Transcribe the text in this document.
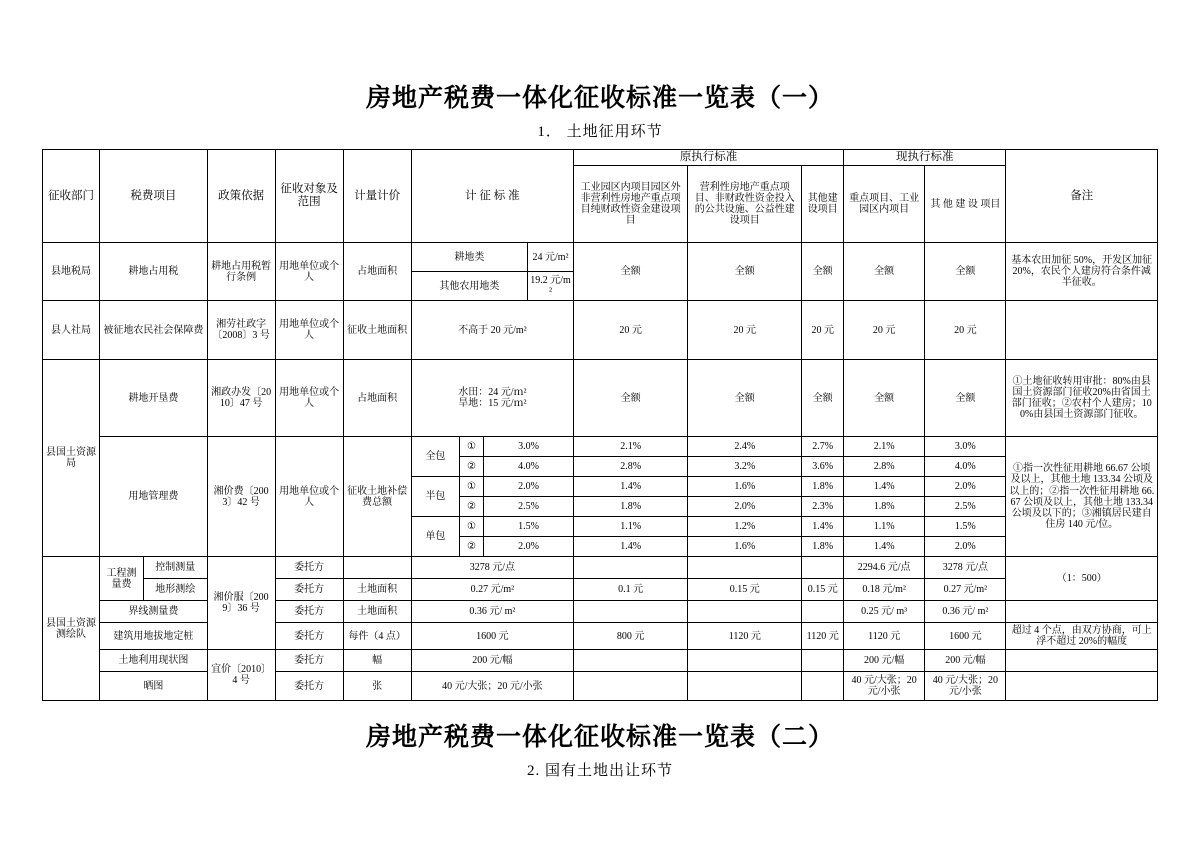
房地产税费一体化征收标准一览表（一）
1． 土地征用环节
征收部门	税费项目		政策依据	征收对象及范围	计量计价	计 征 标 准				原执行标准			现执行标准		备注
										工业园区内项目园区外非营利性房地产重点项目纯财政性资金建设项目	营利性房地产重点项目、非财政性资金投入的公共设施、公益性建设项目	其他建设项目	重点项目、工业园区内项目	其 他 建 设 项目	
县地税局	耕地占用税		耕地占用税暂行条例	用地单位或个人	占地面积	耕地类			24 元/m²	全额	全额	全额	全额	全额	基本农田加征 50%，开发区加征 20%，农民个人建房符合条件减半征收。
						其他农用地类			19.2 元/m²						
县人社局	被征地农民社会保障费		湘劳社政字〔2008〕3 号	用地单位或个人	征收土地面积	不高于 20 元/m²				20 元	20 元	20 元	20 元	20 元	
县国土资源局	耕地开垦费		湘政办发〔2010〕47 号	用地单位或个人	占地面积	水田：24 元/ｍ²
旱地：15 元/ｍ²				全额	全额	全额	全额	全额	①土地征收转用审批：80%由县国土资源部门征收20%由省国土部门征收；②农村个人建房；100%由县国土资源部门征收。
	用地管理费		湘价费〔2003〕42 号	用地单位或个人	征收土地补偿费总额	全包	①	3.0%		2.1%	2.4%	2.7%	2.1%	3.0%	①指一次性征用耕地 66.67 公顷及以上，其他土地 133.34 公顷及以上的；②指一次性征用耕地 66.67 公顷及以上，其他土地 133.34 公顷及以下的；③湘镇居民建自住房 140 元/位。
							②	4.0%		2.8%	3.2%	3.6%	2.8%	4.0%	
						半包	①	2.0%		1.4%	1.6%	1.8%	1.4%	2.0%	
							②	2.5%		1.8%	2.0%	2.3%	1.8%	2.5%	
						单包	①	1.5%		1.1%	1.2%	1.4%	1.1%	1.5%	
							②	2.0%		1.4%	1.6%	1.8%	1.4%	2.0%	
县国土资源测绘队	工程测量费	控制测量	湘价服〔2009〕36 号	委托方		3278 元/点							2294.6 元/点	3278 元/点	（1：500）
		地形测绘		委托方	土地面积	0.27 元/m²				0.1 元	0.15 元	0.15 元	0.18 元/m²	0.27 元/m²	
	界线测量费			委托方	土地面积	0.36 元/ m²							0.25 元/ m³	0.36 元/ m²	
	建筑用地拔地定桩			委托方	每件（4 点）	1600 元				800 元	1120 元	1120 元	1120 元	1600 元	超过 4 个点，由双方协商，可上浮不超过 20%的幅度
	土地利用现状图		宜价〔2010〕4 号	委托方	幅	200 元/幅							200 元/幅	200 元/幅	
	晒图			委托方	张	40 元/大张；20 元/小张							40 元/大张；20 元/小张	40 元/大张；20 元/小张	
房地产税费一体化征收标准一览表（二）
2. 国有土地出让环节
